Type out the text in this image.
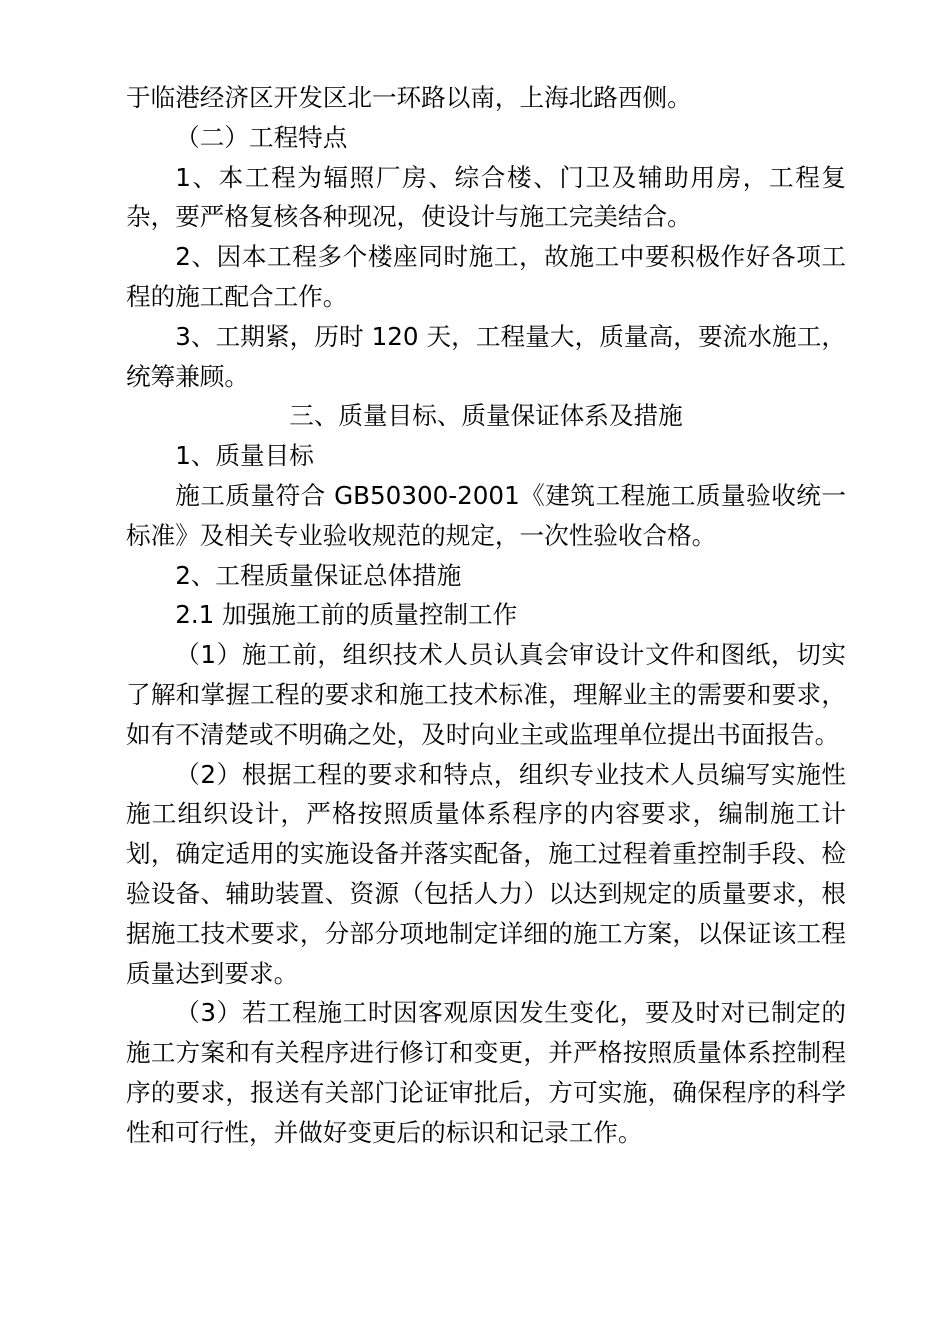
于临港经济区开发区北一环路以南，上海北路西侧。

（二）工程特点

1、本工程为辐照厂房、综合楼、门卫及辅助用房，工程复杂，要严格复核各种现况，使设计与施工完美结合。

2、因本工程多个楼座同时施工，故施工中要积极作好各项工程的施工配合工作。

3、工期紧，历时 120 天，工程量大，质量高，要流水施工，统筹兼顾。

三、质量目标、质量保证体系及措施

1、质量目标

施工质量符合 GB50300-2001《建筑工程施工质量验收统一标准》及相关专业验收规范的规定，一次性验收合格。

2、工程质量保证总体措施

2.1 加强施工前的质量控制工作

（1）施工前，组织技术人员认真会审设计文件和图纸，切实了解和掌握工程的要求和施工技术标准，理解业主的需要和要求，如有不清楚或不明确之处，及时向业主或监理单位提出书面报告。

（2）根据工程的要求和特点，组织专业技术人员编写实施性施工组织设计，严格按照质量体系程序的内容要求，编制施工计划，确定适用的实施设备并落实配备，施工过程着重控制手段、检验设备、辅助装置、资源（包括人力）以达到规定的质量要求，根据施工技术要求，分部分项地制定详细的施工方案，以保证该工程质量达到要求。

（3）若工程施工时因客观原因发生变化，要及时对已制定的施工方案和有关程序进行修订和变更，并严格按照质量体系控制程序的要求，报送有关部门论证审批后，方可实施，确保程序的科学性和可行性，并做好变更后的标识和记录工作。
